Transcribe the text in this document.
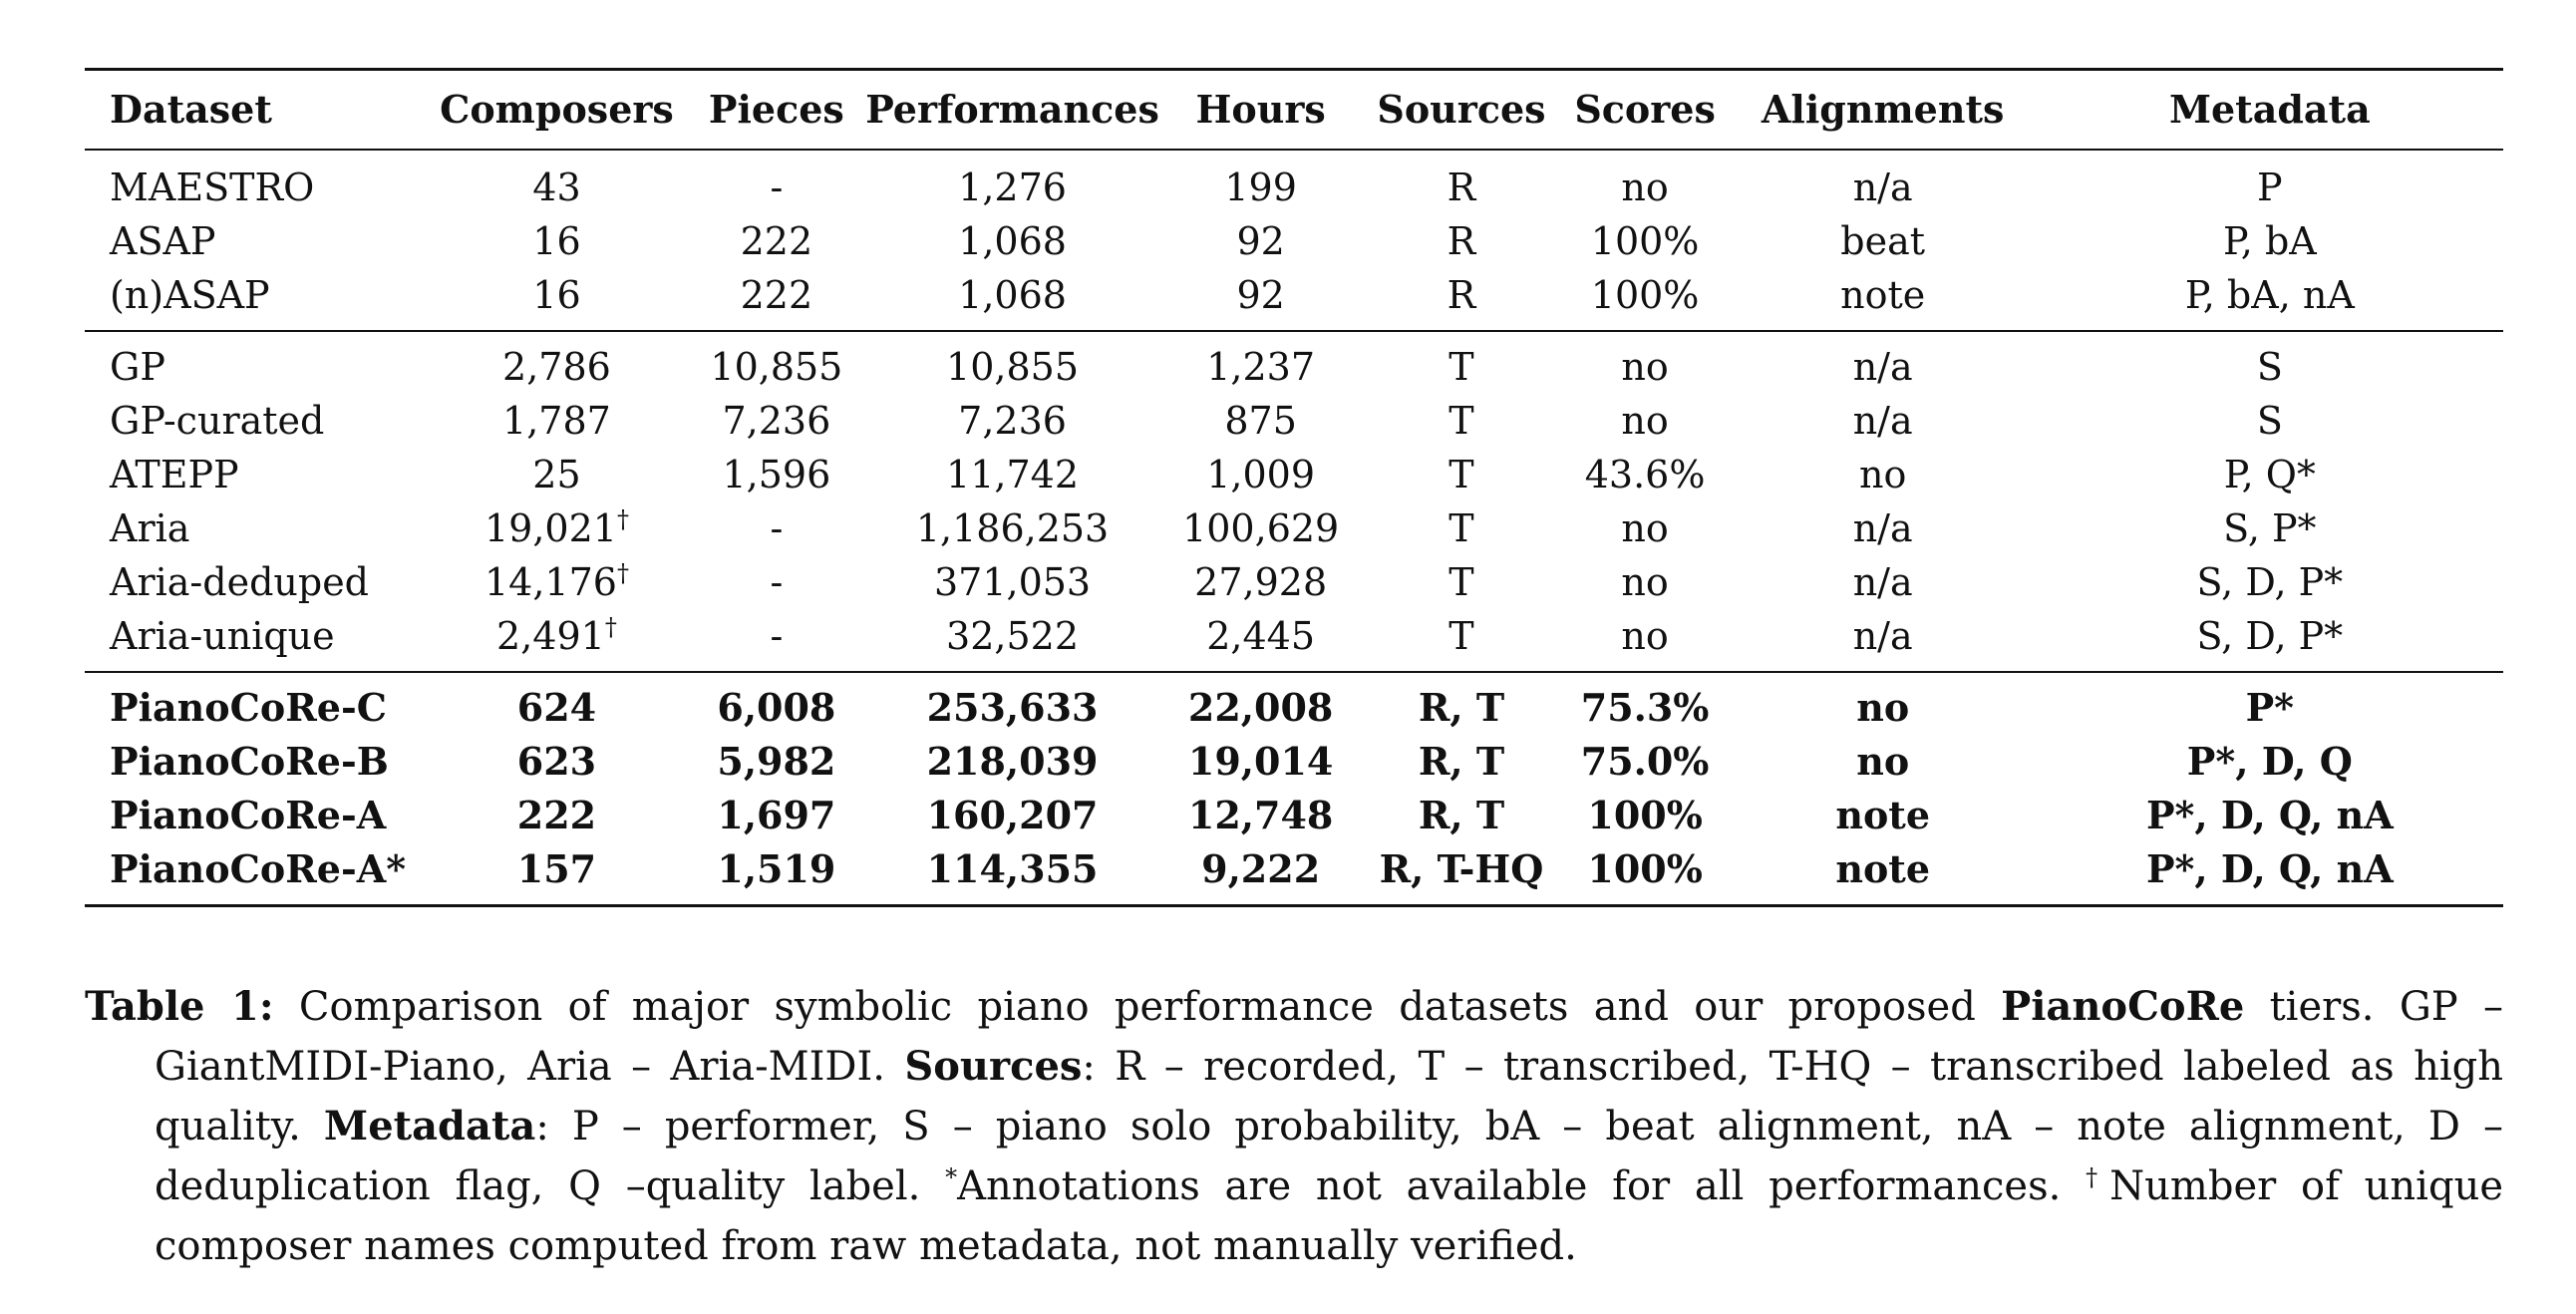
Dataset	Composers	Pieces	Performances	Hours	Sources	Scores	Alignments	Metadata
MAESTRO	43	-	1,276	199	R	no	n/a	P
ASAP	16	222	1,068	92	R	100%	beat	P, bA
(n)ASAP	16	222	1,068	92	R	100%	note	P, bA, nA
GP	2,786	10,855	10,855	1,237	T	no	n/a	S
GP-curated	1,787	7,236	7,236	875	T	no	n/a	S
ATEPP	25	1,596	11,742	1,009	T	43.6%	no	P, Q*
Aria	19,021†	-	1,186,253	100,629	T	no	n/a	S, P*
Aria-deduped	14,176†	-	371,053	27,928	T	no	n/a	S, D, P*
Aria-unique	2,491†	-	32,522	2,445	T	no	n/a	S, D, P*
PianoCoRe-C	624	6,008	253,633	22,008	R, T	75.3%	no	P*
PianoCoRe-B	623	5,982	218,039	19,014	R, T	75.0%	no	P*, D, Q
PianoCoRe-A	222	1,697	160,207	12,748	R, T	100%	note	P*, D, Q, nA
PianoCoRe-A*	157	1,519	114,355	9,222	R, T-HQ	100%	note	P*, D, Q, nA
Table 1: Comparison of major symbolic piano performance datasets and our proposed PianoCoRe tiers. GP – GiantMIDI-Piano, Aria – Aria-MIDI. Sources: R – recorded, T – transcribed, T-HQ – transcribed labeled as high quality. Metadata: P – performer, S – piano solo probability, bA – beat alignment, nA – note alignment, D – deduplication flag, Q –quality label. *Annotations are not available for all performances. †Number of unique composer names computed from raw metadata, not manually verified.
